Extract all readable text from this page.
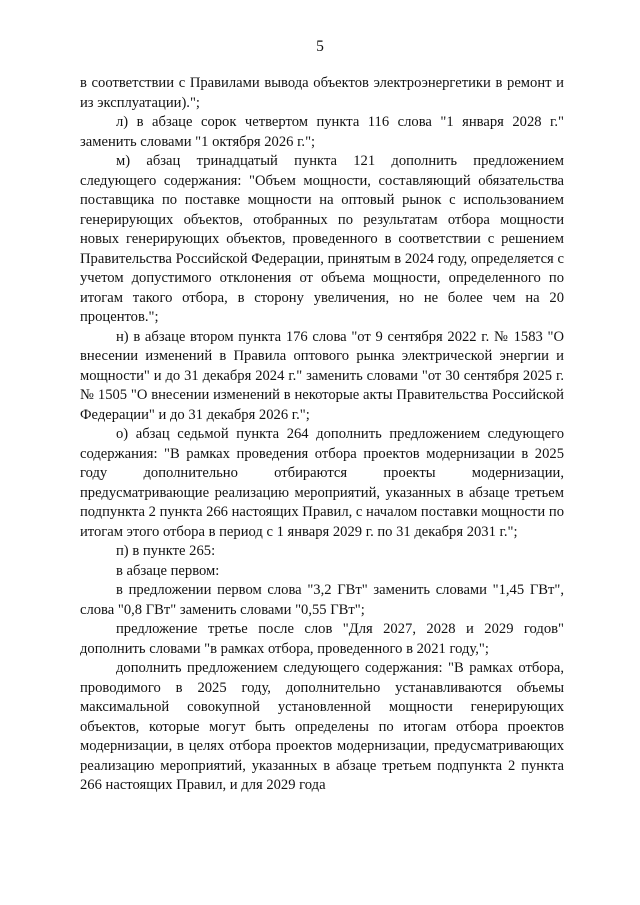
5

в соответствии с Правилами вывода объектов электроэнергетики в ремонт и из эксплуатации).";

л) в абзаце сорок четвертом пункта 116 слова "1 января 2028 г." заменить словами "1 октября 2026 г.";

м) абзац тринадцатый пункта 121 дополнить предложением следующего содержания: "Объем мощности, составляющий обязательства поставщика по поставке мощности на оптовый рынок с использованием генерирующих объектов, отобранных по результатам отбора мощности новых генерирующих объектов, проведенного в соответствии с решением Правительства Российской Федерации, принятым в 2024 году, определяется с учетом допустимого отклонения от объема мощности, определенного по итогам такого отбора, в сторону увеличения, но не более чем на 20 процентов.";

н) в абзаце втором пункта 176 слова "от 9 сентября 2022 г. № 1583 "О внесении изменений в Правила оптового рынка электрической энергии и мощности" и до 31 декабря 2024 г." заменить словами "от 30 сентября 2025 г. № 1505 "О внесении изменений в некоторые акты Правительства Российской Федерации" и до 31 декабря 2026 г.";

о) абзац седьмой пункта 264 дополнить предложением следующего содержания: "В рамках проведения отбора проектов модернизации в 2025 году дополнительно отбираются проекты модернизации, предусматривающие реализацию мероприятий, указанных в абзаце третьем подпункта 2 пункта 266 настоящих Правил, с началом поставки мощности по итогам этого отбора в период с 1 января 2029 г. по 31 декабря 2031 г.";

п) в пункте 265:

в абзаце первом:

в предложении первом слова "3,2 ГВт" заменить словами "1,45 ГВт", слова "0,8 ГВт" заменить словами "0,55 ГВт";

предложение третье после слов "Для 2027, 2028 и 2029 годов" дополнить словами "в рамках отбора, проведенного в 2021 году,";

дополнить предложением следующего содержания: "В рамках отбора, проводимого в 2025 году, дополнительно устанавливаются объемы максимальной совокупной установленной мощности генерирующих объектов, которые могут быть определены по итогам отбора проектов модернизации, в целях отбора проектов модернизации, предусматривающих реализацию мероприятий, указанных в абзаце третьем подпункта 2 пункта 266 настоящих Правил, и для 2029 года
